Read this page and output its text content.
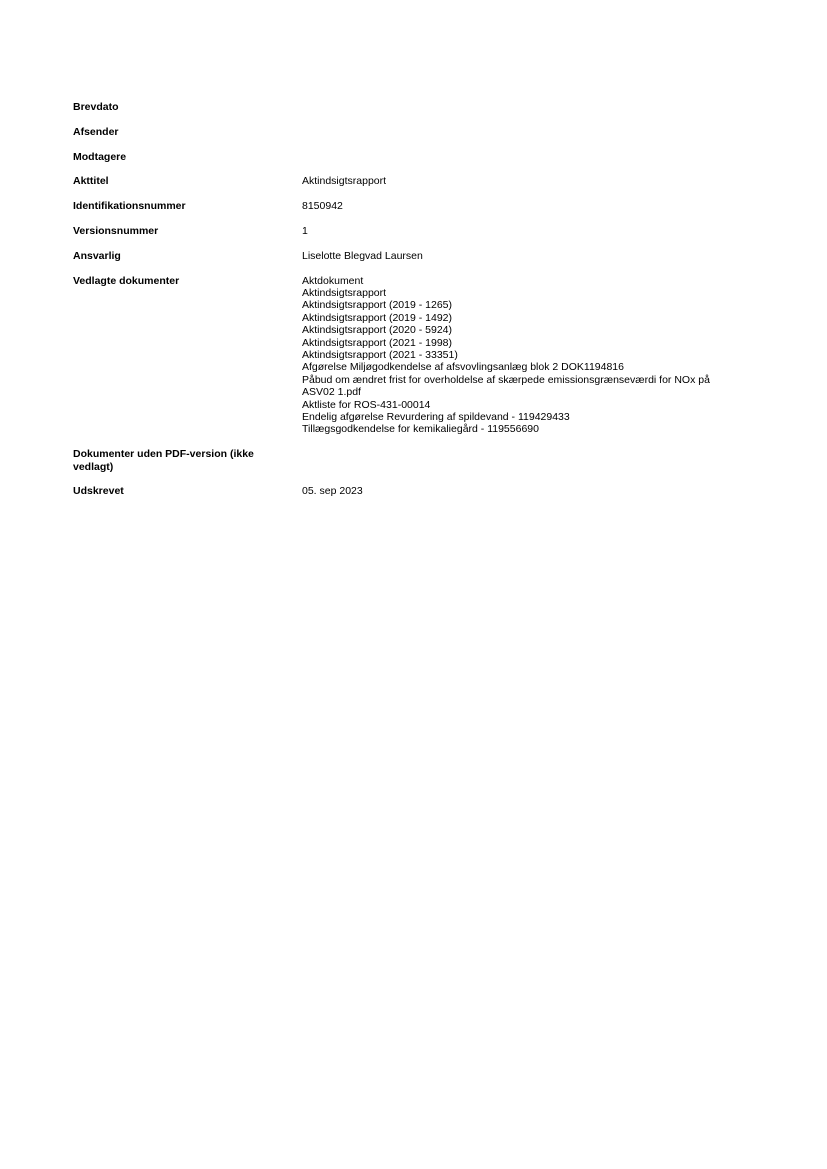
Brevdato
Afsender
Modtagere
Akttitel	Aktindsigtsrapport
Identifikationsnummer	8150942
Versionsnummer	1
Ansvarlig	Liselotte Blegvad Laursen
Vedlagte dokumenter	Aktdokument
Aktindsigtsrapport
Aktindsigtsrapport (2019 - 1265)
Aktindsigtsrapport (2019 - 1492)
Aktindsigtsrapport (2020 - 5924)
Aktindsigtsrapport (2021 - 1998)
Aktindsigtsrapport (2021 - 33351)
Afgørelse Miljøgodkendelse af afsvovlingsanlæg blok 2 DOK1194816
Påbud om ændret frist for overholdelse af skærpede emissionsgrænseværdi for NOx på ASV02 1.pdf
Aktliste for ROS-431-00014
Endelig afgørelse Revurdering af spildevand - 119429433
Tillægsgodkendelse for kemikaliegård - 119556690
Dokumenter uden PDF-version (ikke vedlagt)
Udskrevet	05. sep 2023
